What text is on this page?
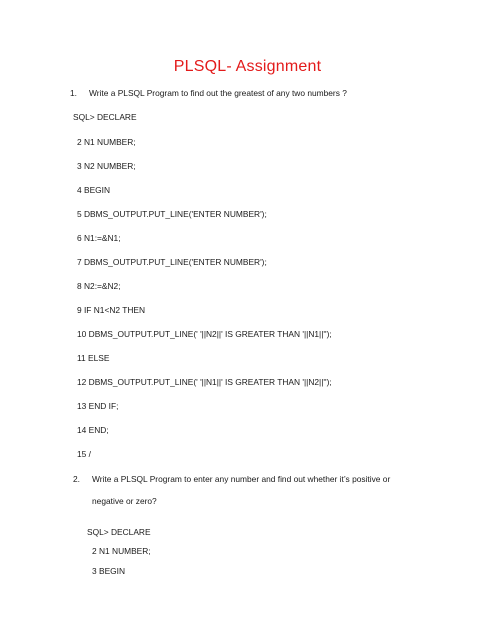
PLSQL- Assignment
1. Write a PLSQL Program to find out the greatest of any two numbers ?
SQL> DECLARE
2 N1 NUMBER;
3 N2 NUMBER;
4 BEGIN
5 DBMS_OUTPUT.PUT_LINE('ENTER NUMBER');
6 N1:=&N1;
7 DBMS_OUTPUT.PUT_LINE('ENTER NUMBER');
8 N2:=&N2;
9 IF N1<N2 THEN
10 DBMS_OUTPUT.PUT_LINE(' '||N2||' IS GREATER THAN '||N1||'');
11 ELSE
12 DBMS_OUTPUT.PUT_LINE(' '||N1||' IS GREATER THAN '||N2||'');
13 END IF;
14 END;
15 /
2. Write a PLSQL Program to enter any number and find out whether it’s positive or
negative or zero?
SQL> DECLARE
2 N1 NUMBER;
3 BEGIN
